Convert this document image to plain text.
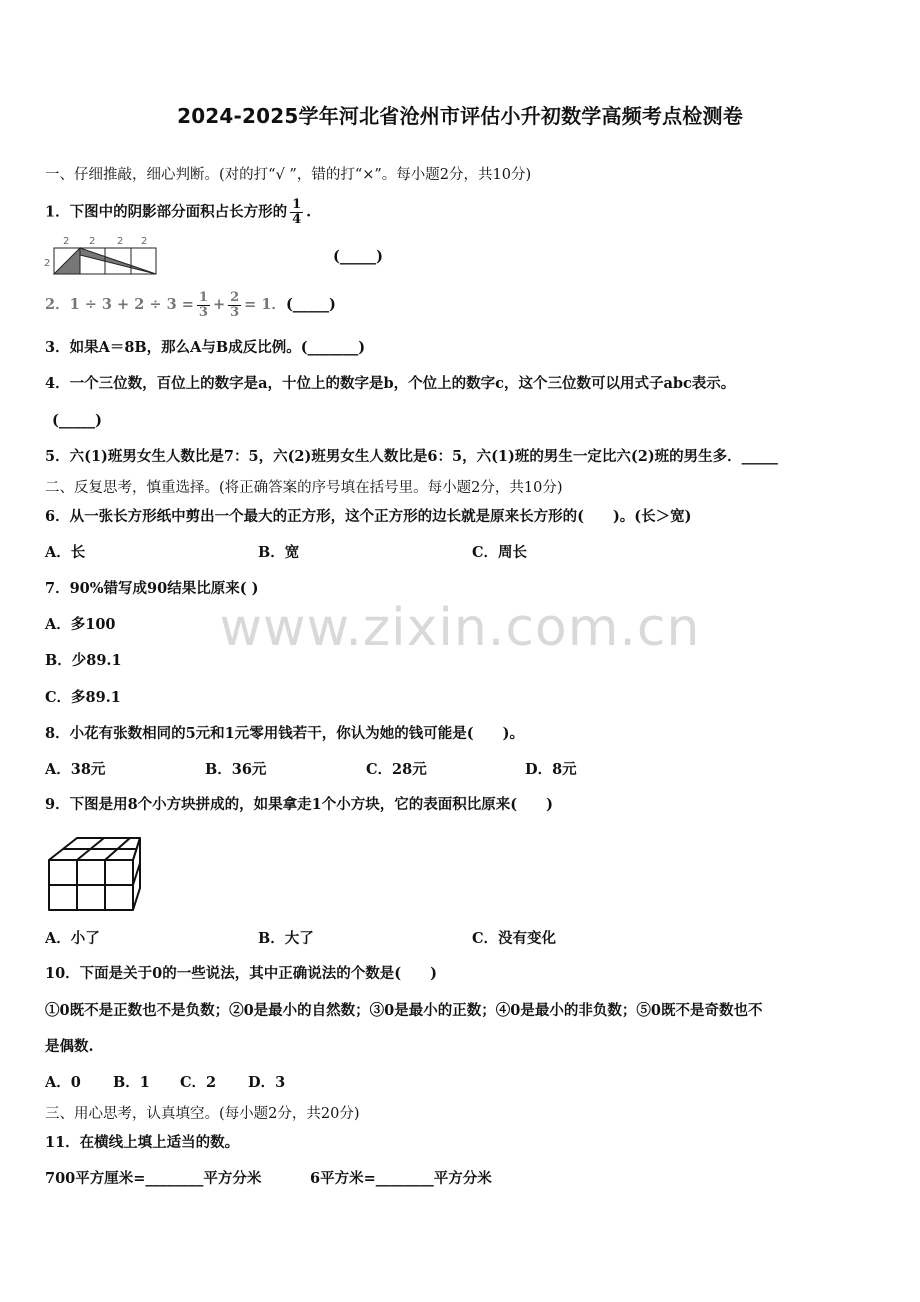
2024-2025学年河北省沧州市评估小升初数学高频考点检测卷
www.zixin.com.cn
一、仔细推敲，细心判断。(对的打“√ ”，错的打“×”。每小题2分，共10分)
1．下图中的阴影部分面积占长方形的 $\frac{1}{4}$ .
2 2 2 2
2	(_____)
2．$1 \div 3 + 2 \div 3 = \frac{1}{3} + \frac{2}{3} = 1$．(_____)
3．如果A＝8B，那么A与B成反比例。(_______)
4．一个三位数，百位上的数字是a，十位上的数字是b，个位上的数字c，这个三位数可以用式子abc表示。
(_____)
5．六(1)班男女生人数比是7：5，六(2)班男女生人数比是6：5，六(1)班的男生一定比六(2)班的男生多．_____
二、反复思考，慎重选择。(将正确答案的序号填在括号里。每小题2分，共10分)
6．从一张长方形纸中剪出一个最大的正方形，这个正方形的边长就是原来长方形的(　　)。(长＞宽)
A．长	B．宽	C．周长
7．90%错写成90结果比原来( )
A．多100
B．少89.1
C．多89.1
8．小花有张数相同的5元和1元零用钱若干，你认为她的钱可能是(　　)。
A．38元	B．36元	C．28元	D．8元
9．下图是用8个小方块拼成的，如果拿走1个小方块，它的表面积比原来(　　)
A．小了	B．大了	C．没有变化
10．下面是关于0的一些说法，其中正确说法的个数是(　　)
①0既不是正数也不是负数；②0是最小的自然数；③0是最小的正数；④0是最小的非负数；⑤0既不是奇数也不
是偶数.
A．0 B．1 C．2 D．3
三、用心思考，认真填空。(每小题2分，共20分)
11．在横线上填上适当的数。
700平方厘米=________平方分米	6平方米=________平方分米
